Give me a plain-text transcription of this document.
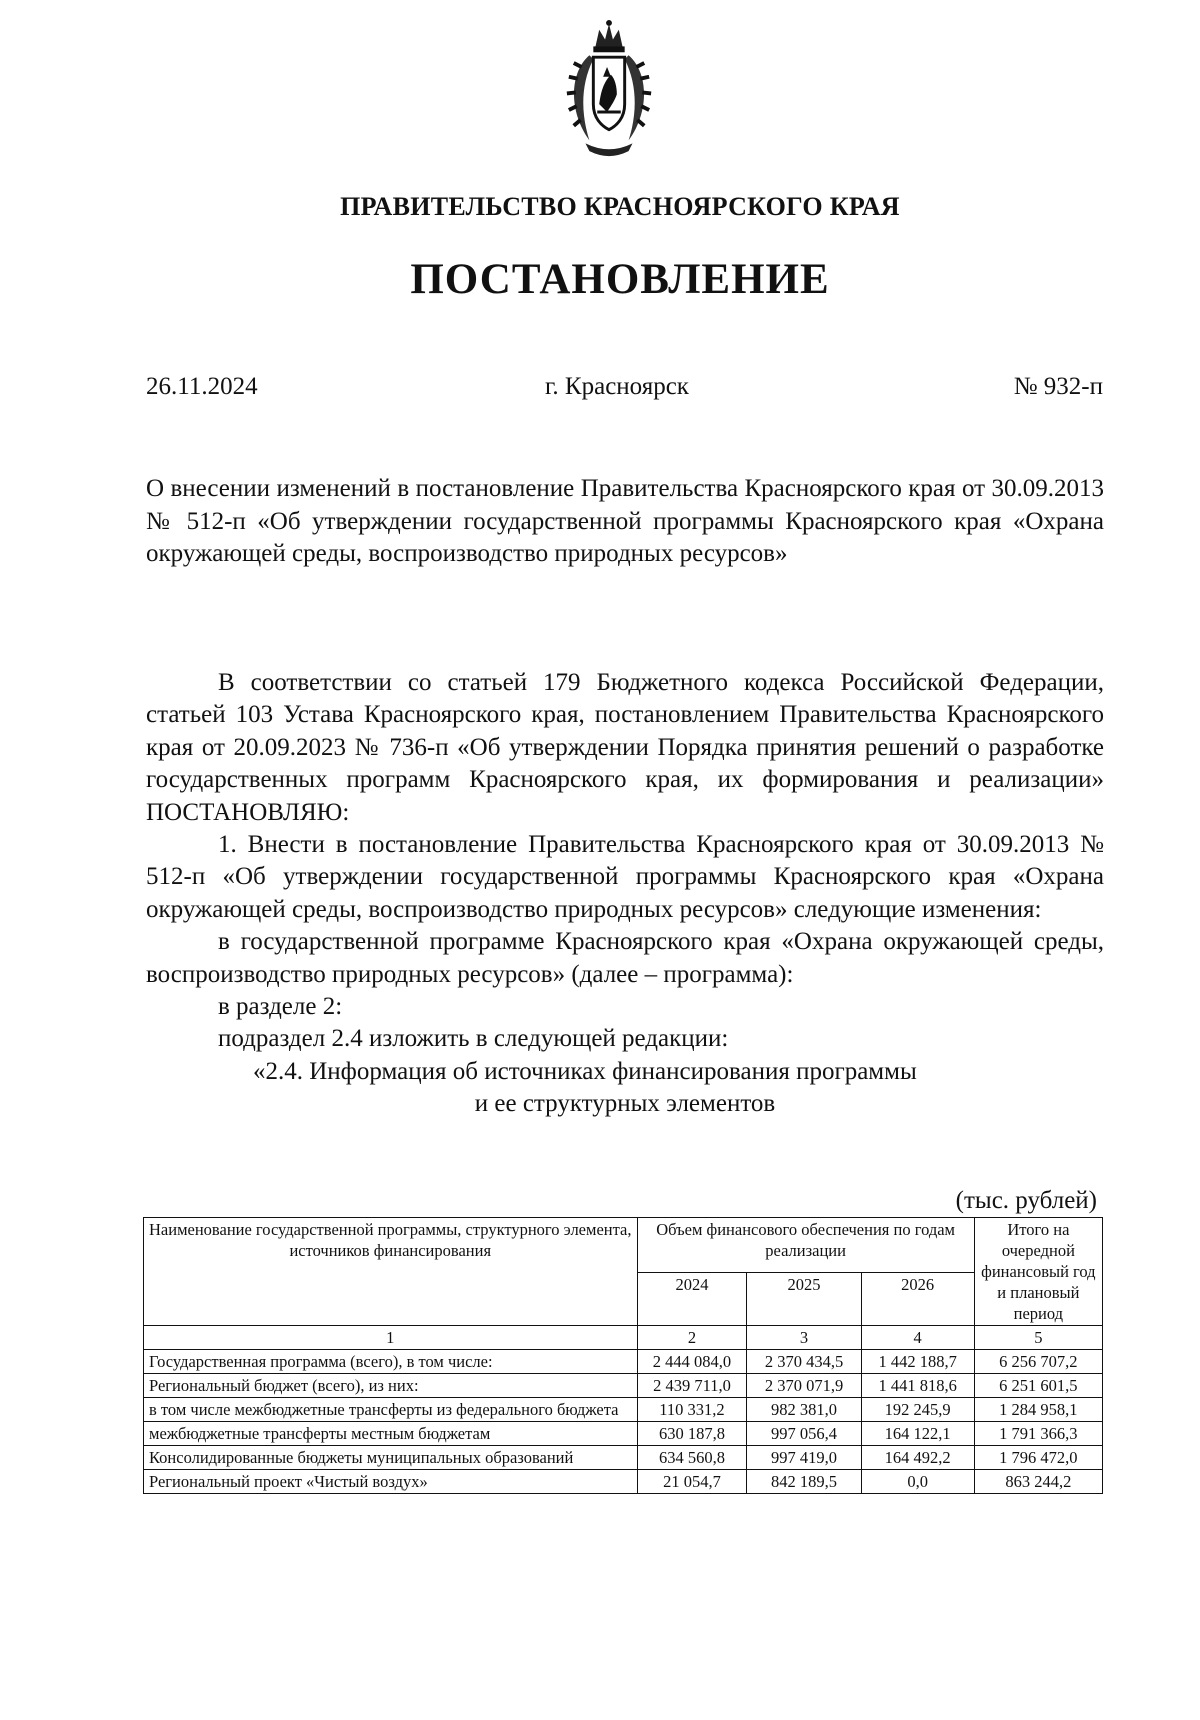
ПРАВИТЕЛЬСТВО КРАСНОЯРСКОГО КРАЯ
ПОСТАНОВЛЕНИЕ
26.11.2024	г. Красноярск	№ 932-п
О внесении изменений в постановление Правительства Красноярского края от 30.09.2013 № 512-п «Об утверждении государственной программы Красноярского края «Охрана окружающей среды, воспроизводство природных ресурсов»

В соответствии со статьей 179 Бюджетного кодекса Российской Федерации, статьей 103 Устава Красноярского края, постановлением Правительства Красноярского края от 20.09.2023 № 736-п «Об утверждении Порядка принятия решений о разработке государственных программ Красноярского края, их формирования и реализации» ПОСТАНОВЛЯЮ:

1. Внести в постановление Правительства Красноярского края от 30.09.2013 № 512-п «Об утверждении государственной программы Красноярского края «Охрана окружающей среды, воспроизводство природных ресурсов» следующие изменения:

в государственной программе Красноярского края «Охрана окружающей среды, воспроизводство природных ресурсов» (далее – программа):

в разделе 2:

подраздел 2.4 изложить в следующей редакции:

«2.4. Информация об источниках финансирования программы

и ее структурных элементов

(тыс. рублей)
Наименование государственной программы, структурного элемента, источников финансирования	Объем финансового обеспечения по годам реализации			Итого на очередной финансовый год и плановый период
	2024	2025	2026	
1	2	3	4	5
Государственная программа (всего), в том числе:	2 444 084,0	2 370 434,5	1 442 188,7	6 256 707,2
Региональный бюджет (всего), из них:	2 439 711,0	2 370 071,9	1 441 818,6	6 251 601,5
в том числе межбюджетные трансферты из федерального бюджета	110 331,2	982 381,0	192 245,9	1 284 958,1
межбюджетные трансферты местным бюджетам	630 187,8	997 056,4	164 122,1	1 791 366,3
Консолидированные бюджеты муниципальных образований	634 560,8	997 419,0	164 492,2	1 796 472,0
Региональный проект «Чистый воздух»	21 054,7	842 189,5	0,0	863 244,2
